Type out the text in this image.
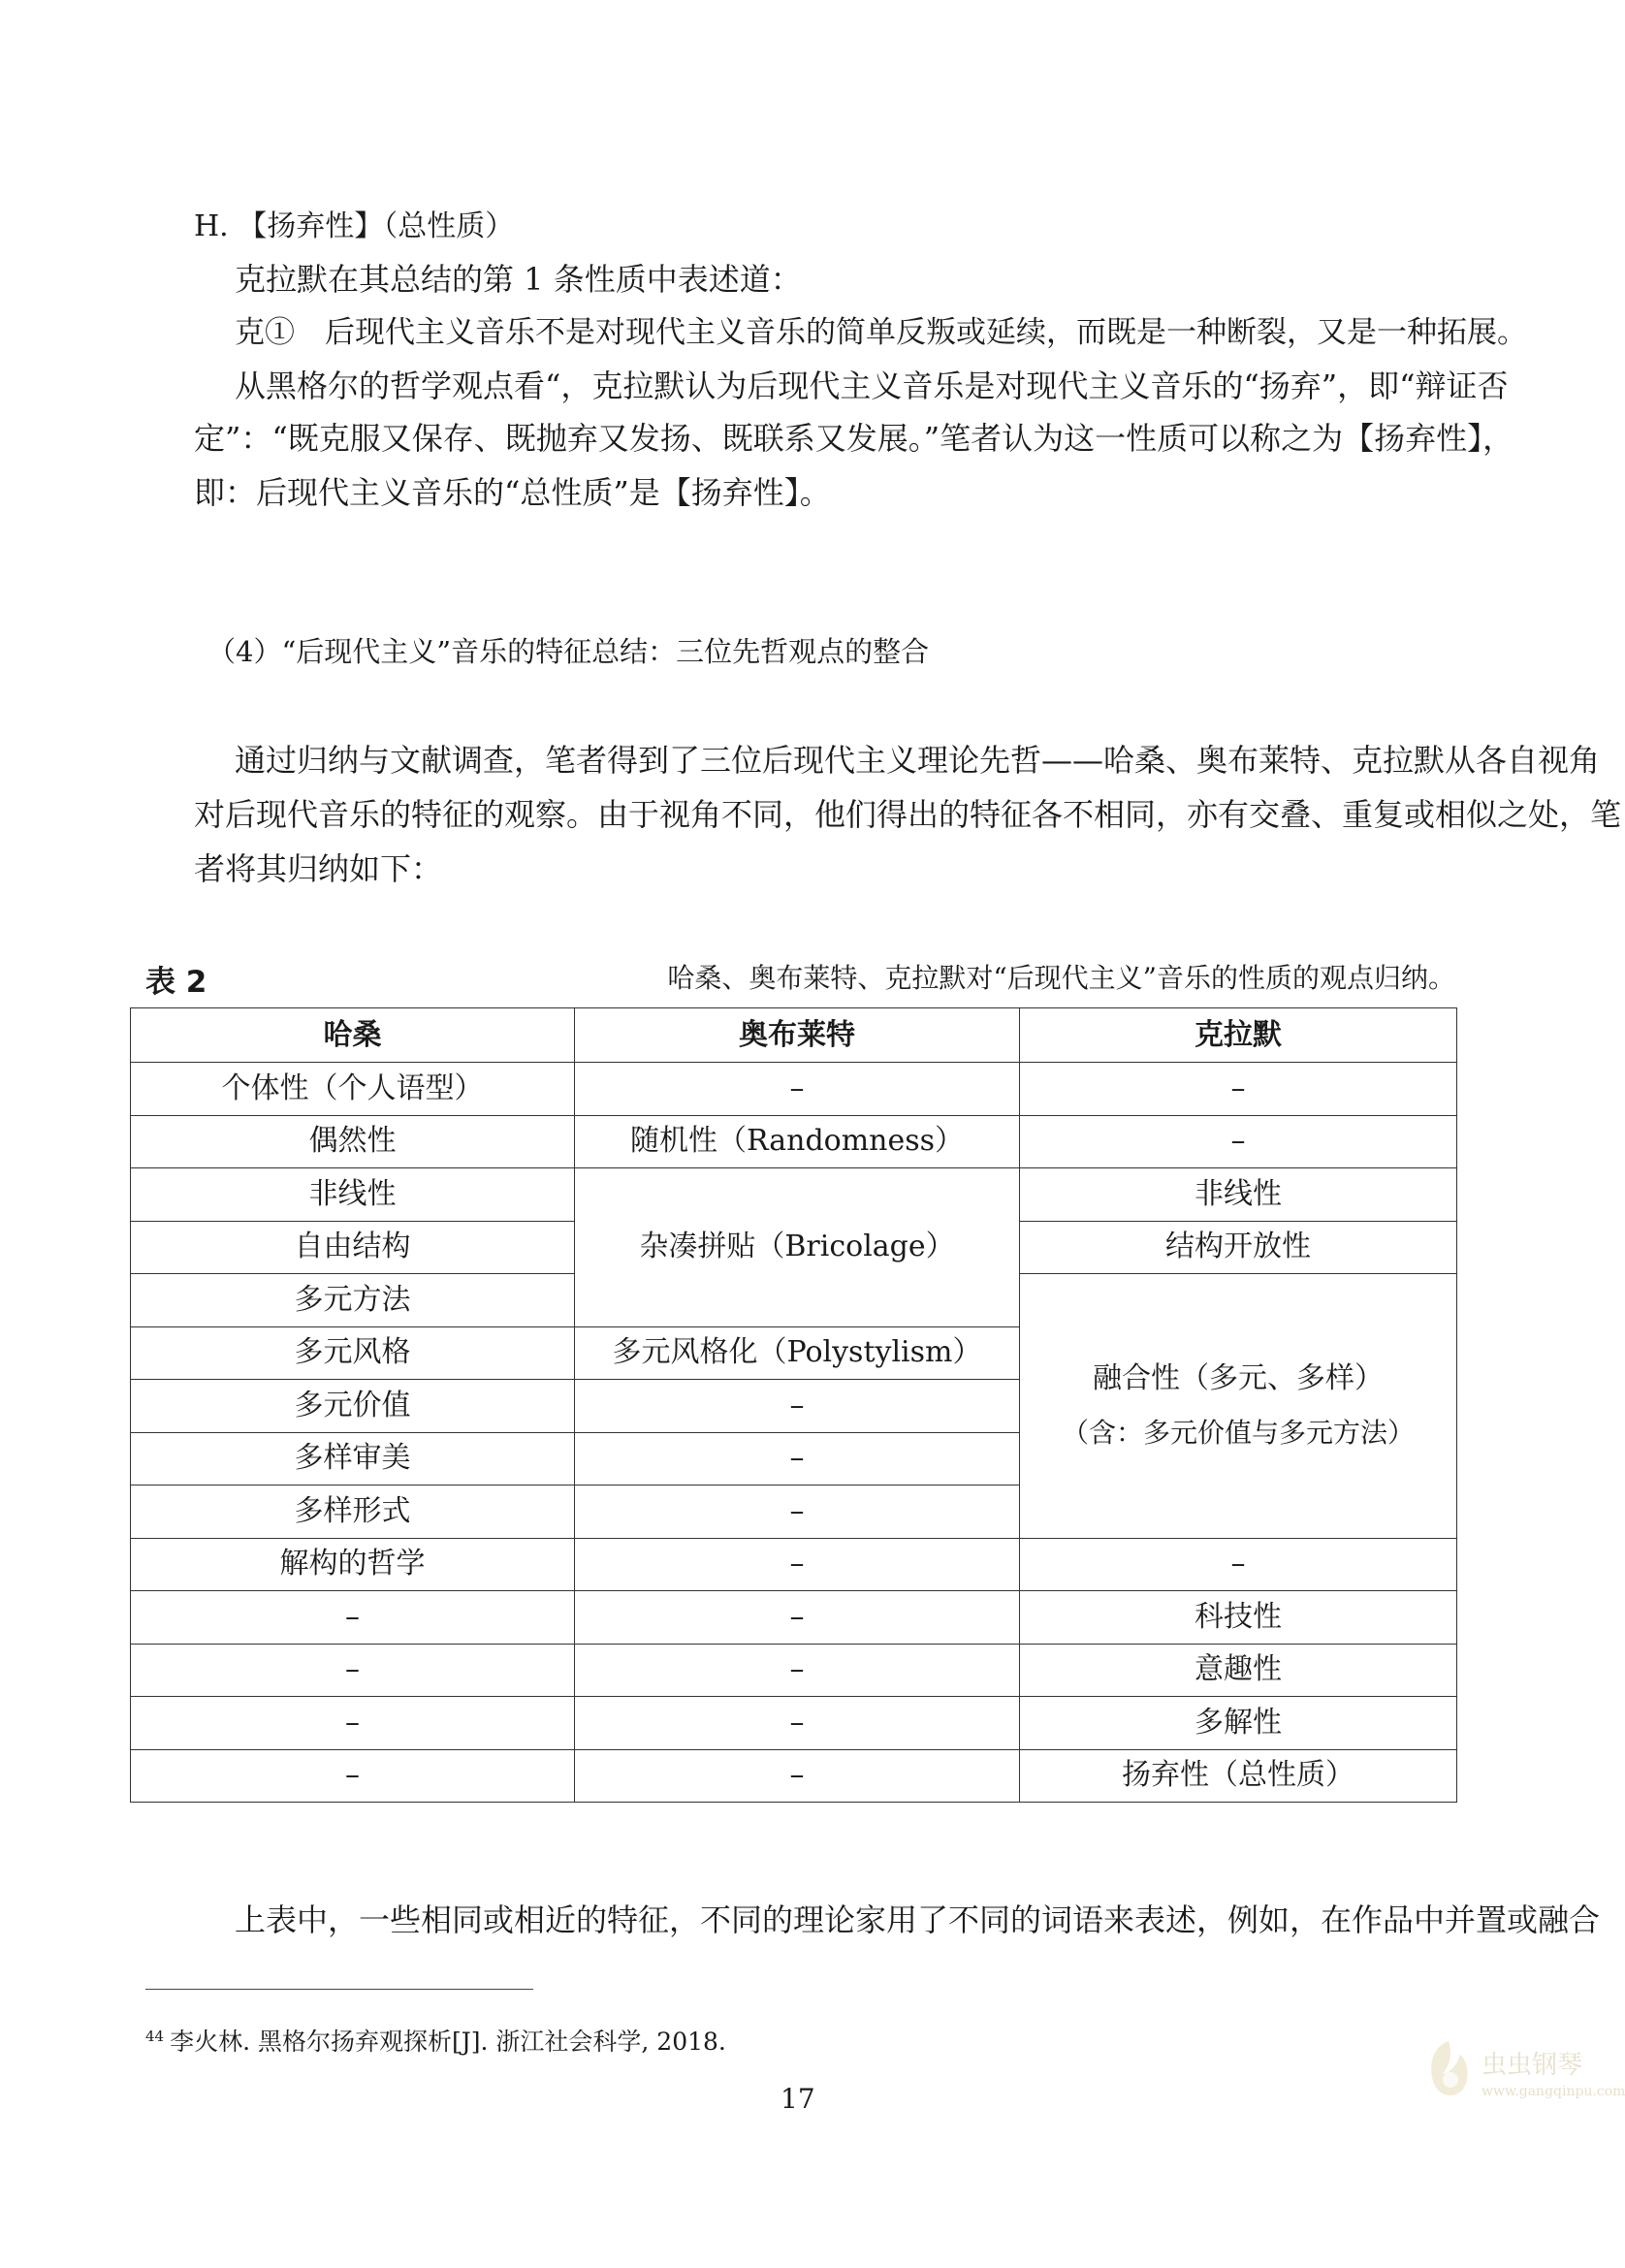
H. 【扬弃性】（总性质）
克拉默在其总结的第 1 条性质中表述道：
克①　后现代主义音乐不是对现代主义音乐的简单反叛或延续，而既是一种断裂，又是一种拓展。
从黑格尔的哲学观点看“，克拉默认为后现代主义音乐是对现代主义音乐的“扬弃”，即“辩证否
定”：“既克服又保存、既抛弃又发扬、既联系又发展。”笔者认为这一性质可以称之为【扬弃性】，
即：后现代主义音乐的“总性质”是【扬弃性】。
（4）“后现代主义”音乐的特征总结：三位先哲观点的整合
通过归纳与文献调查，笔者得到了三位后现代主义理论先哲——哈桑、奥布莱特、克拉默从各自视角
对后现代音乐的特征的观察。由于视角不同，他们得出的特征各不相同，亦有交叠、重复或相似之处，笔
者将其归纳如下：
表 2	哈桑、奥布莱特、克拉默对“后现代主义”音乐的性质的观点归纳。
哈桑	奥布莱特	克拉默
个体性（个人语型）	–	–
偶然性	随机性（Randomness）	–
非线性	杂凑拼贴（Bricolage）	非线性
自由结构		结构开放性
多元方法		融合性（多元、多样）
（含：多元价值与多元方法）

多元风格	多元风格化（Polystylism）	
多元价值	–	
多样审美	–	
多样形式	–	
解构的哲学	–	–
–	–	科技性
–	–	意趣性
–	–	多解性
–	–	扬弃性（总性质）
上表中，一些相同或相近的特征，不同的理论家用了不同的词语来表述，例如，在作品中并置或融合
$^{44}$ 李火林. 黑格尔扬弃观探析[J]. 浙江社会科学, 2018.
17
虫虫钢琴
www.gangqinpu.com
